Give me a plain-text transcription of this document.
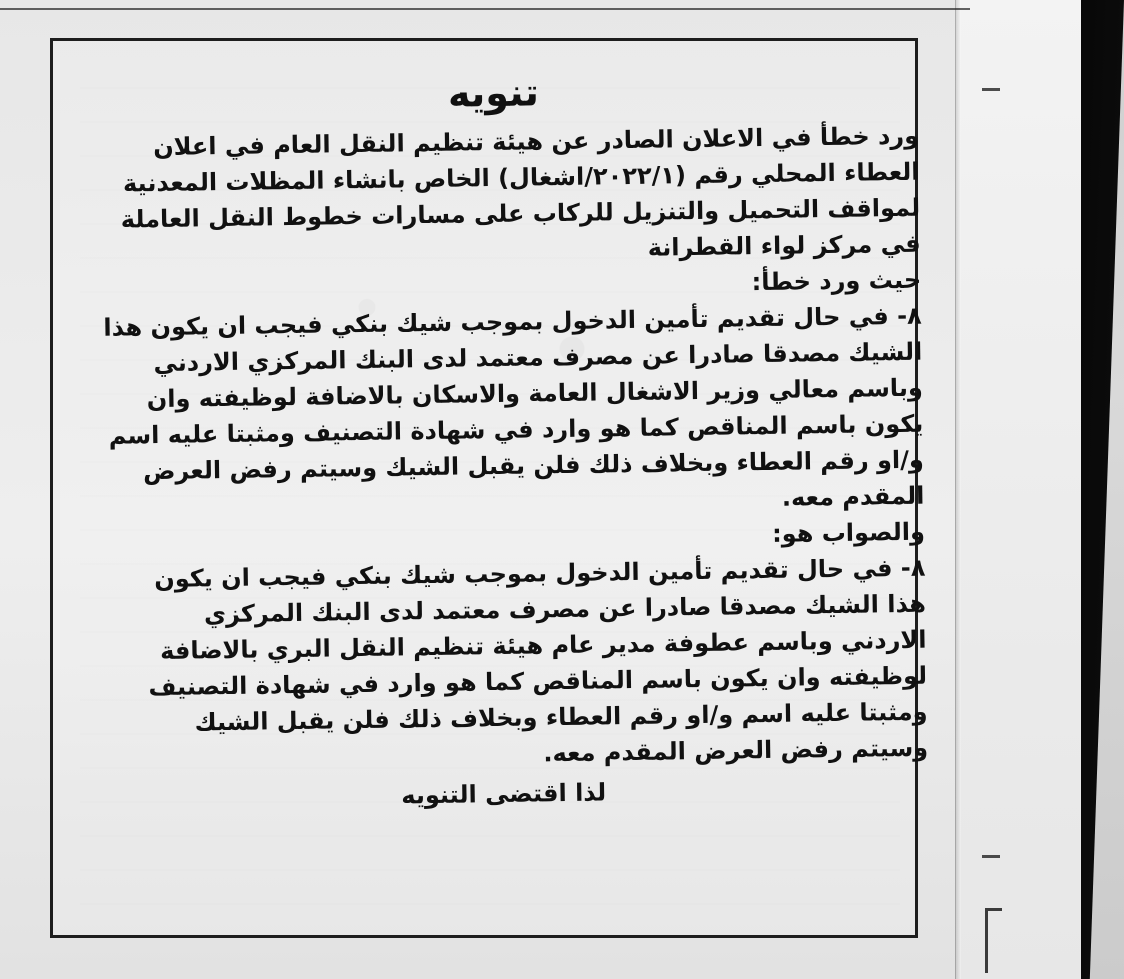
تنويه
ورد خطأ في الاعلان الصادر عن هيئة تنظيم النقل العام في اعلان
العطاء المحلي رقم (٢٠٢٢/١/اشغال) الخاص بانشاء المظلات المعدنية
لمواقف التحميل والتنزيل للركاب على مسارات خطوط النقل العاملة
في مركز لواء القطرانة
حيث ورد خطأ:
٨- في حال تقديم تأمين الدخول بموجب شيك بنكي فيجب ان يكون هذا
الشيك مصدقا صادرا عن مصرف معتمد لدى البنك المركزي الاردني
وباسم معالي وزير الاشغال العامة والاسكان بالاضافة لوظيفته وان
يكون باسم المناقص كما هو وارد في شهادة التصنيف ومثبتا عليه اسم
و/او رقم العطاء وبخلاف ذلك فلن يقبل الشيك وسيتم رفض العرض
المقدم معه.
والصواب هو:
٨- في حال تقديم تأمين الدخول بموجب شيك بنكي فيجب ان يكون
هذا الشيك مصدقا صادرا عن مصرف معتمد لدى البنك المركزي
الاردني وباسم عطوفة مدير عام هيئة تنظيم النقل البري بالاضافة
لوظيفته وان يكون باسم المناقص كما هو وارد في شهادة التصنيف
ومثبتا عليه اسم و/او رقم العطاء وبخلاف ذلك فلن يقبل الشيك
وسيتم رفض العرض المقدم معه.
لذا اقتضى التنويه
